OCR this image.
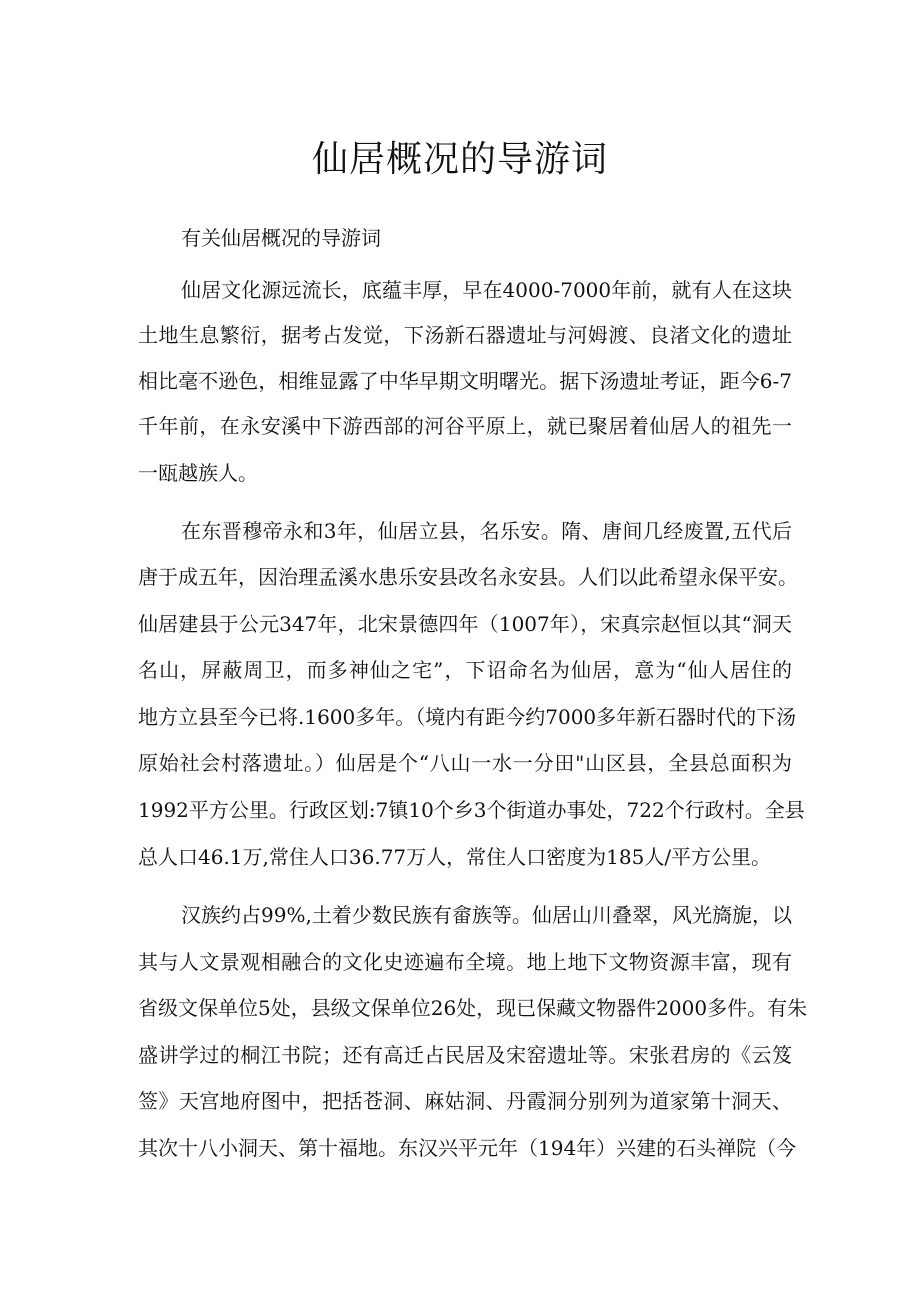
仙居概况的导游词
有关仙居概况的导游词
仙居文化源远流长，底蕴丰厚，早在4000-7000年前，就有人在这块
土地生息繁衍，据考占发觉，下汤新石器遗址与河姆渡、良渚文化的遗址
相比毫不逊色，相维显露了中华早期文明曙光。据下汤遗址考证，距今6-7
千年前，在永安溪中下游西部的河谷平原上，就已聚居着仙居人的祖先一
一瓯越族人。
在东晋穆帝永和3年，仙居立县，名乐安。隋、唐间几经废置,五代后
唐于成五年，因治理孟溪水患乐安县改名永安县。人们以此希望永保平安。
仙居建县于公元347年，北宋景德四年（1007年），宋真宗赵恒以其“洞天
名山，屏蔽周卫，而多神仙之宅”，下诏命名为仙居，意为“仙人居住的
地方立县至今已将.1600多年。（境内有距今约7000多年新石器时代的下汤
原始社会村落遗址。）仙居是个“八山一水一分田"山区县，全县总面积为
1992平方公里。行政区划:7镇10个乡3个街道办事处，722个行政村。全县
总人口46.1万,常住人口36.77万人，常住人口密度为185人/平方公里。
汉族约占99%,土着少数民族有畲族等。仙居山川叠翠，风光旖旎，以
其与人文景观相融合的文化史迹遍布全境。地上地下文物资源丰富，现有
省级文保单位5处，县级文保单位26处，现已保藏文物器件2000多件。有朱
盛讲学过的桐江书院；还有高迁占民居及宋窑遗址等。宋张君房的《云笈
签》天宫地府图中，把括苍洞、麻姑洞、丹霞洞分别列为道家第十洞天、
其次十八小洞天、第十福地。东汉兴平元年（194年）兴建的石头禅院（今
